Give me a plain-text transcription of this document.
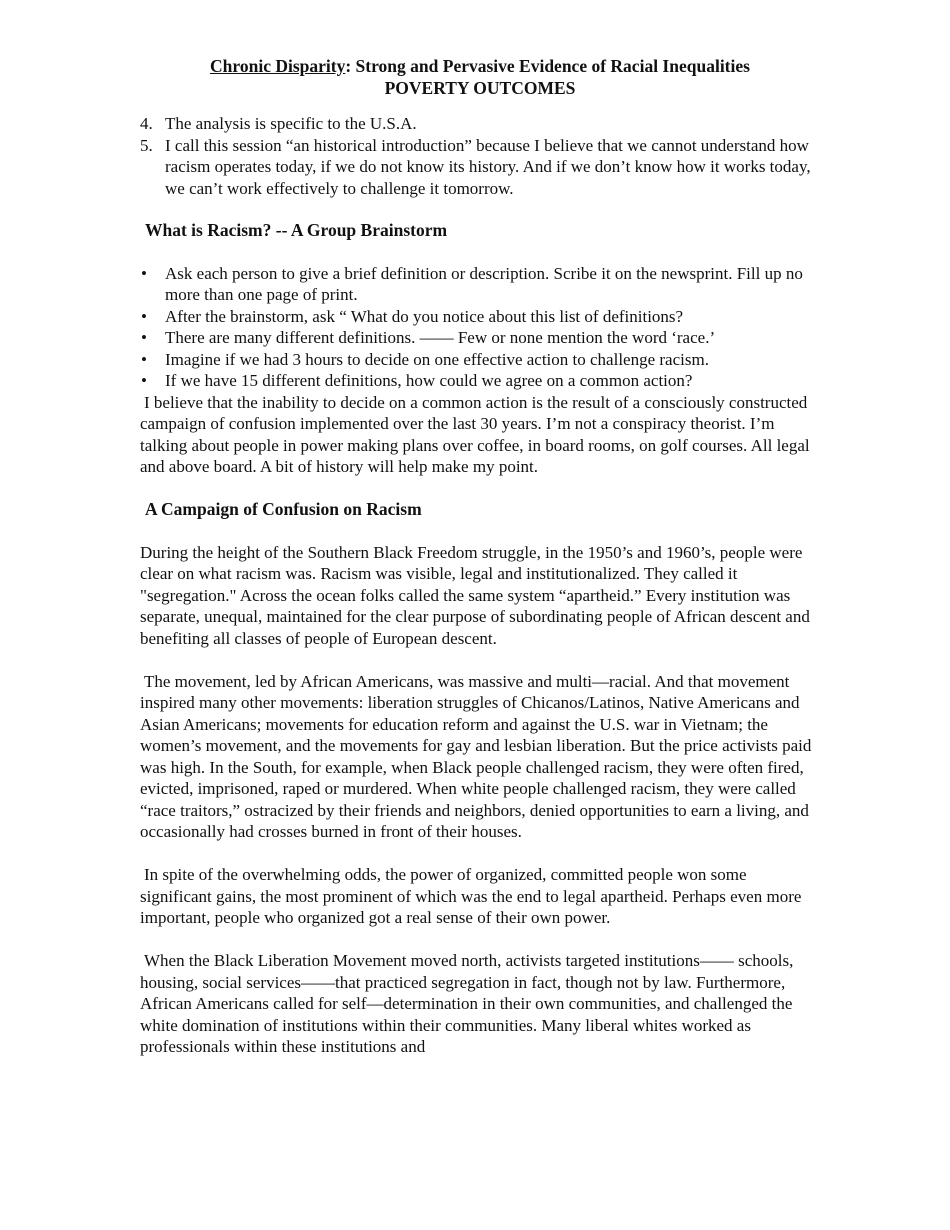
Chronic Disparity: Strong and Pervasive Evidence of Racial Inequalities
POVERTY OUTCOMES
4. The analysis is specific to the U.S.A.
5. I call this session “an historical introduction” because I believe that we cannot understand how racism operates today, if we do not know its history. And if we don’t know how it works today, we can’t work effectively to challenge it tomorrow.
What is Racism? -- A Group Brainstorm
• Ask each person to give a brief definition or description. Scribe it on the newsprint. Fill up no more than one page of print.
• After the brainstorm, ask “ What do you notice about this list of definitions?
• There are many different definitions. —— Few or none mention the word ‘race.’
• Imagine if we had 3 hours to decide on one effective action to challenge racism.
• If we have 15 different definitions, how could we agree on a common action?

I believe that the inability to decide on a common action is the result of a consciously constructed campaign of confusion implemented over the last 30 years. I’m not a conspiracy theorist. I’m talking about people in power making plans over coffee, in board rooms, on golf courses. All legal and above board. A bit of history will help make my point.

A Campaign of Confusion on Racism

During the height of the Southern Black Freedom struggle, in the 1950’s and 1960’s, people were clear on what racism was. Racism was visible, legal and institutionalized. They called it "segregation." Across the ocean folks called the same system “apartheid.” Every institution was separate, unequal, maintained for the clear purpose of subordinating people of African descent and benefiting all classes of people of European descent.

The movement, led by African Americans, was massive and multi—racial. And that movement inspired many other movements: liberation struggles of Chicanos/Latinos, Native Americans and Asian Americans; movements for education reform and against the U.S. war in Vietnam; the women’s movement, and the movements for gay and lesbian liberation. But the price activists paid was high. In the South, for example, when Black people challenged racism, they were often fired, evicted, imprisoned, raped or murdered. When white people challenged racism, they were called “race traitors,” ostracized by their friends and neighbors, denied opportunities to earn a living, and occasionally had crosses burned in front of their houses.

In spite of the overwhelming odds, the power of organized, committed people won some significant gains, the most prominent of which was the end to legal apartheid. Perhaps even more important, people who organized got a real sense of their own power.

When the Black Liberation Movement moved north, activists targeted institutions—— schools, housing, social services——that practiced segregation in fact, though not by law. Furthermore, African Americans called for self—determination in their own communities, and challenged the white domination of institutions within their communities. Many liberal whites worked as professionals within these institutions and
